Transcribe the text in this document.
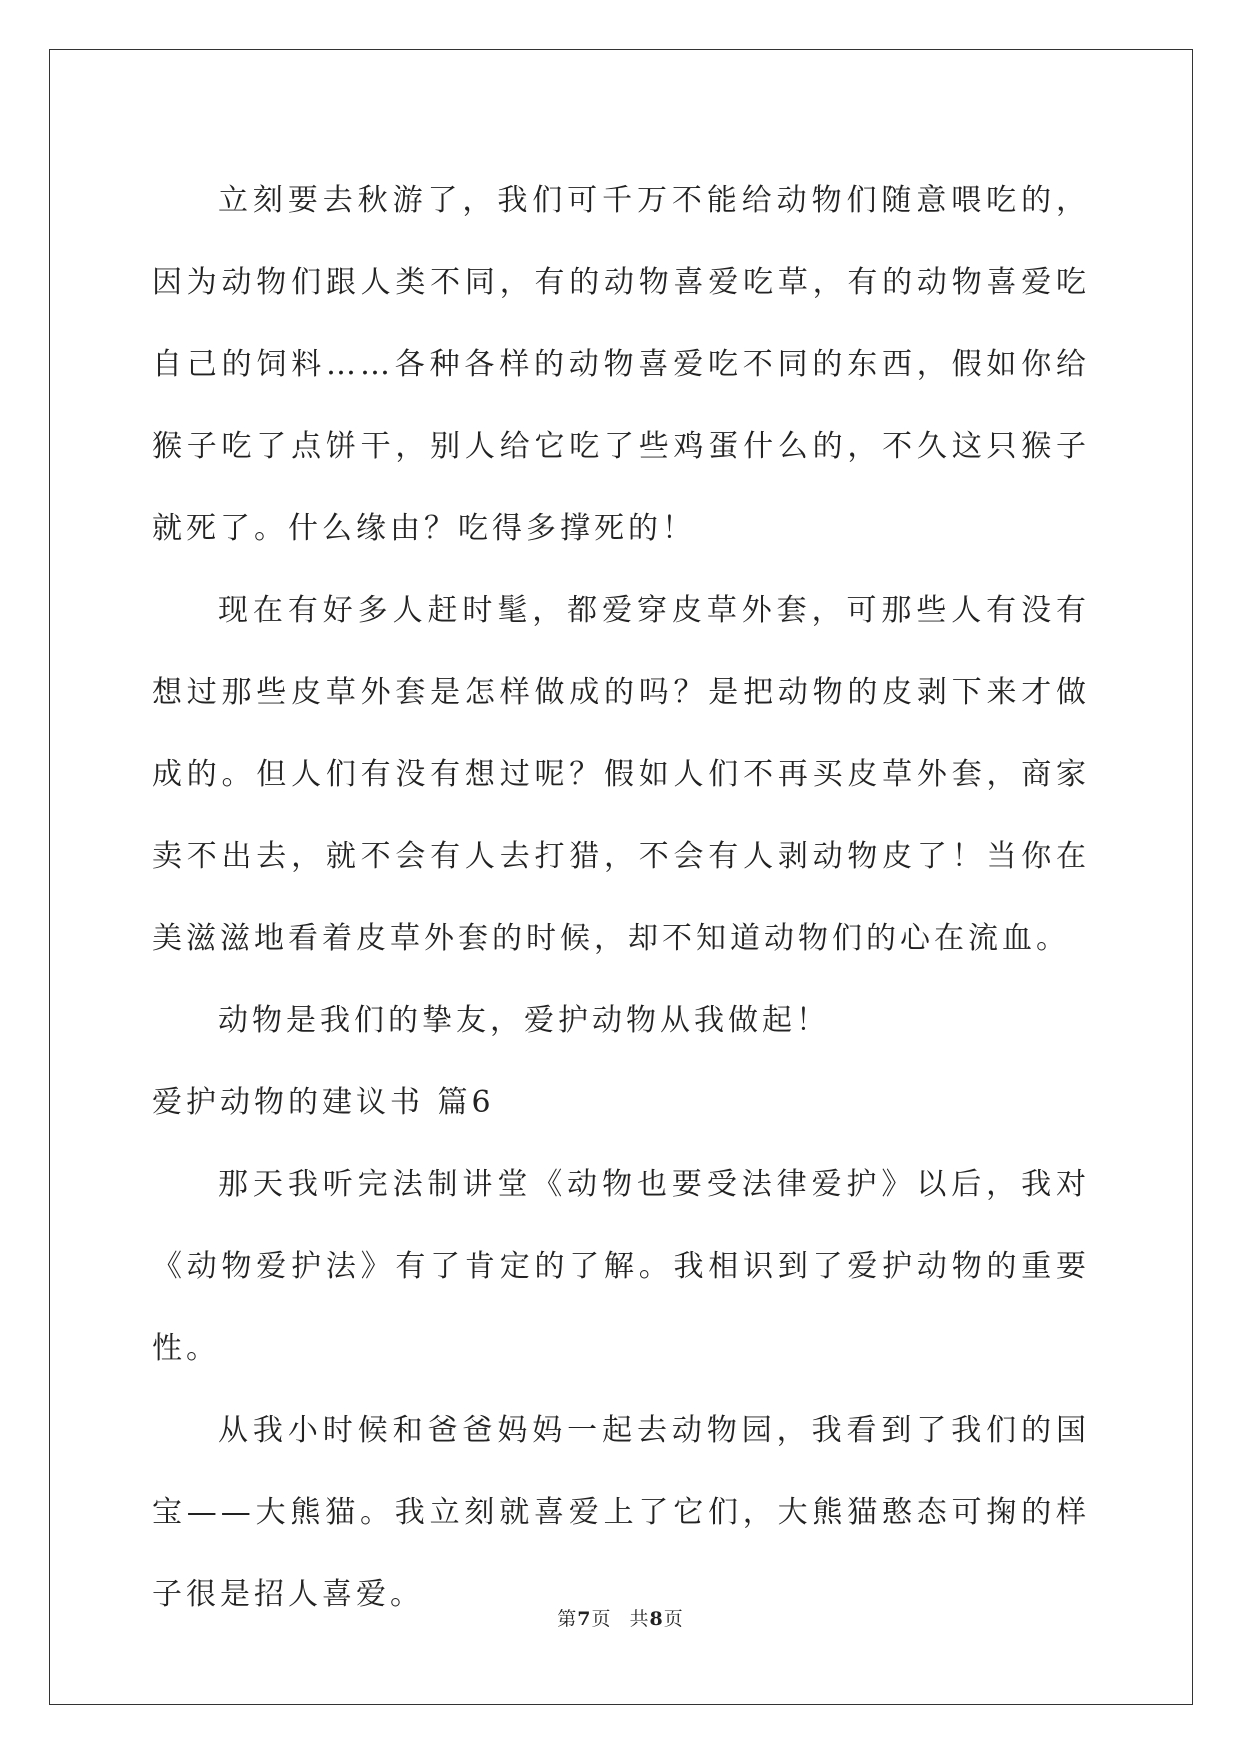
立刻要去秋游了，我们可千万不能给动物们随意喂吃的，因为动物们跟人类不同，有的动物喜爱吃草，有的动物喜爱吃自己的饲料……各种各样的动物喜爱吃不同的东西，假如你给猴子吃了点饼干，别人给它吃了些鸡蛋什么的，不久这只猴子就死了。什么缘由？吃得多撑死的！

现在有好多人赶时髦，都爱穿皮草外套，可那些人有没有想过那些皮草外套是怎样做成的吗？是把动物的皮剥下来才做成的。但人们有没有想过呢？假如人们不再买皮草外套，商家卖不出去，就不会有人去打猎，不会有人剥动物皮了！当你在美滋滋地看着皮草外套的时候，却不知道动物们的心在流血。

动物是我们的挚友，爱护动物从我做起！

爱护动物的建议书 篇6

那天我听完法制讲堂《动物也要受法律爱护》以后，我对《动物爱护法》有了肯定的了解。我相识到了爱护动物的重要性。

从我小时候和爸爸妈妈一起去动物园，我看到了我们的国宝——大熊猫。我立刻就喜爱上了它们，大熊猫憨态可掬的样子很是招人喜爱。

第7页 共8页
